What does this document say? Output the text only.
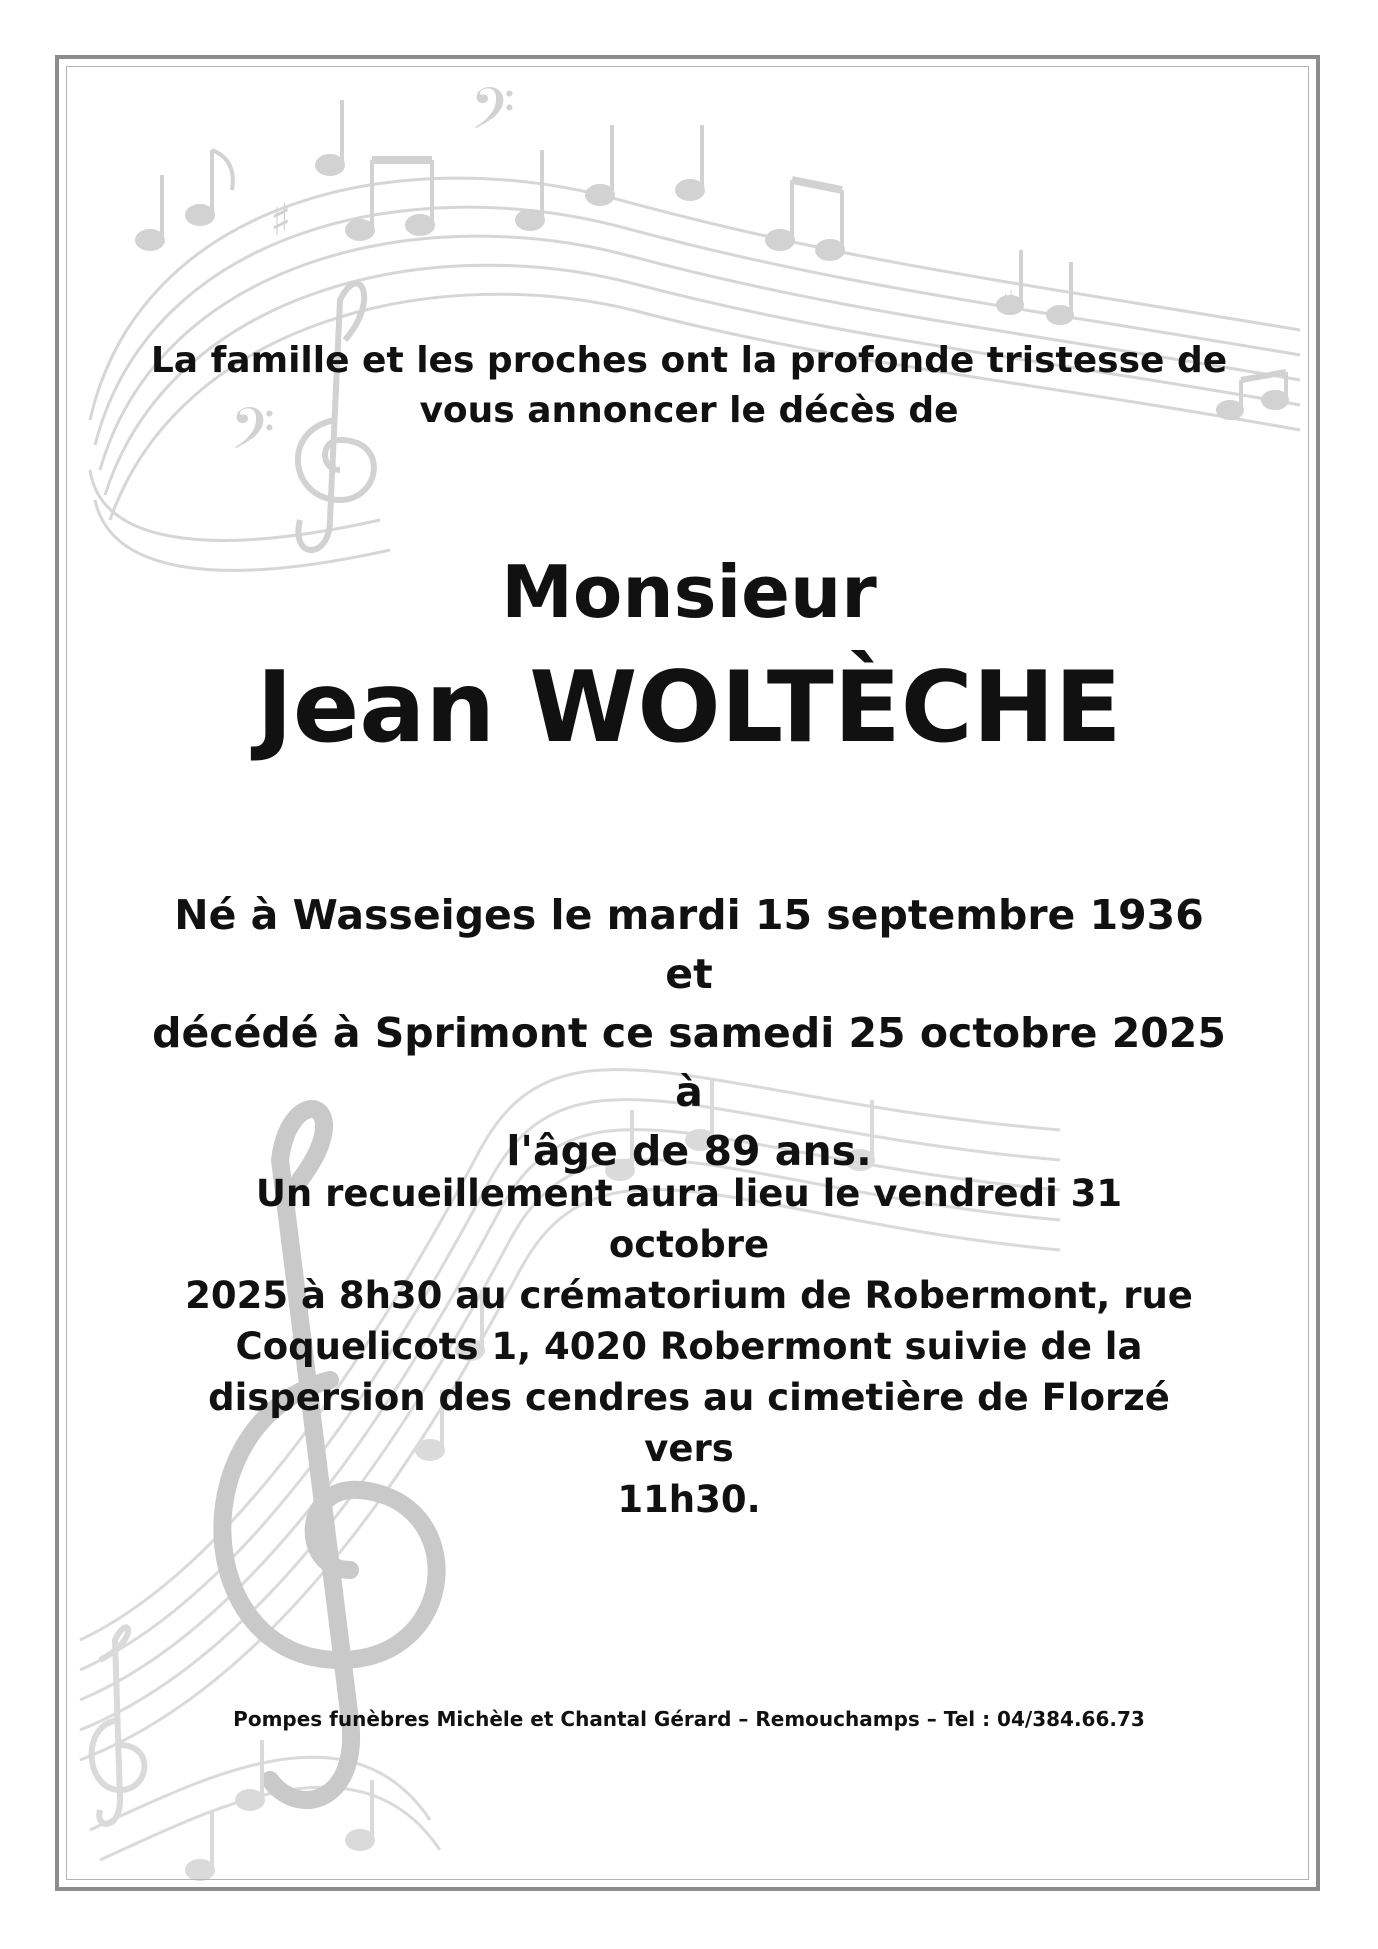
♯
♯
𝄢
𝄢
La famille et les proches ont la profonde tristesse de
vous annoncer le décès de
Monsieur
Jean WOLTÈCHE
Né à Wasseiges le mardi 15 septembre 1936 et
décédé à Sprimont ce samedi 25 octobre 2025 à
l'âge de 89 ans.
Un recueillement aura lieu le vendredi 31 octobre
2025 à 8h30 au crématorium de Robermont, rue
Coquelicots 1, 4020 Robermont suivie de la
dispersion des cendres au cimetière de Florzé vers
11h30.
Pompes funèbres Michèle et Chantal Gérard – Remouchamps – Tel : 04/384.66.73
